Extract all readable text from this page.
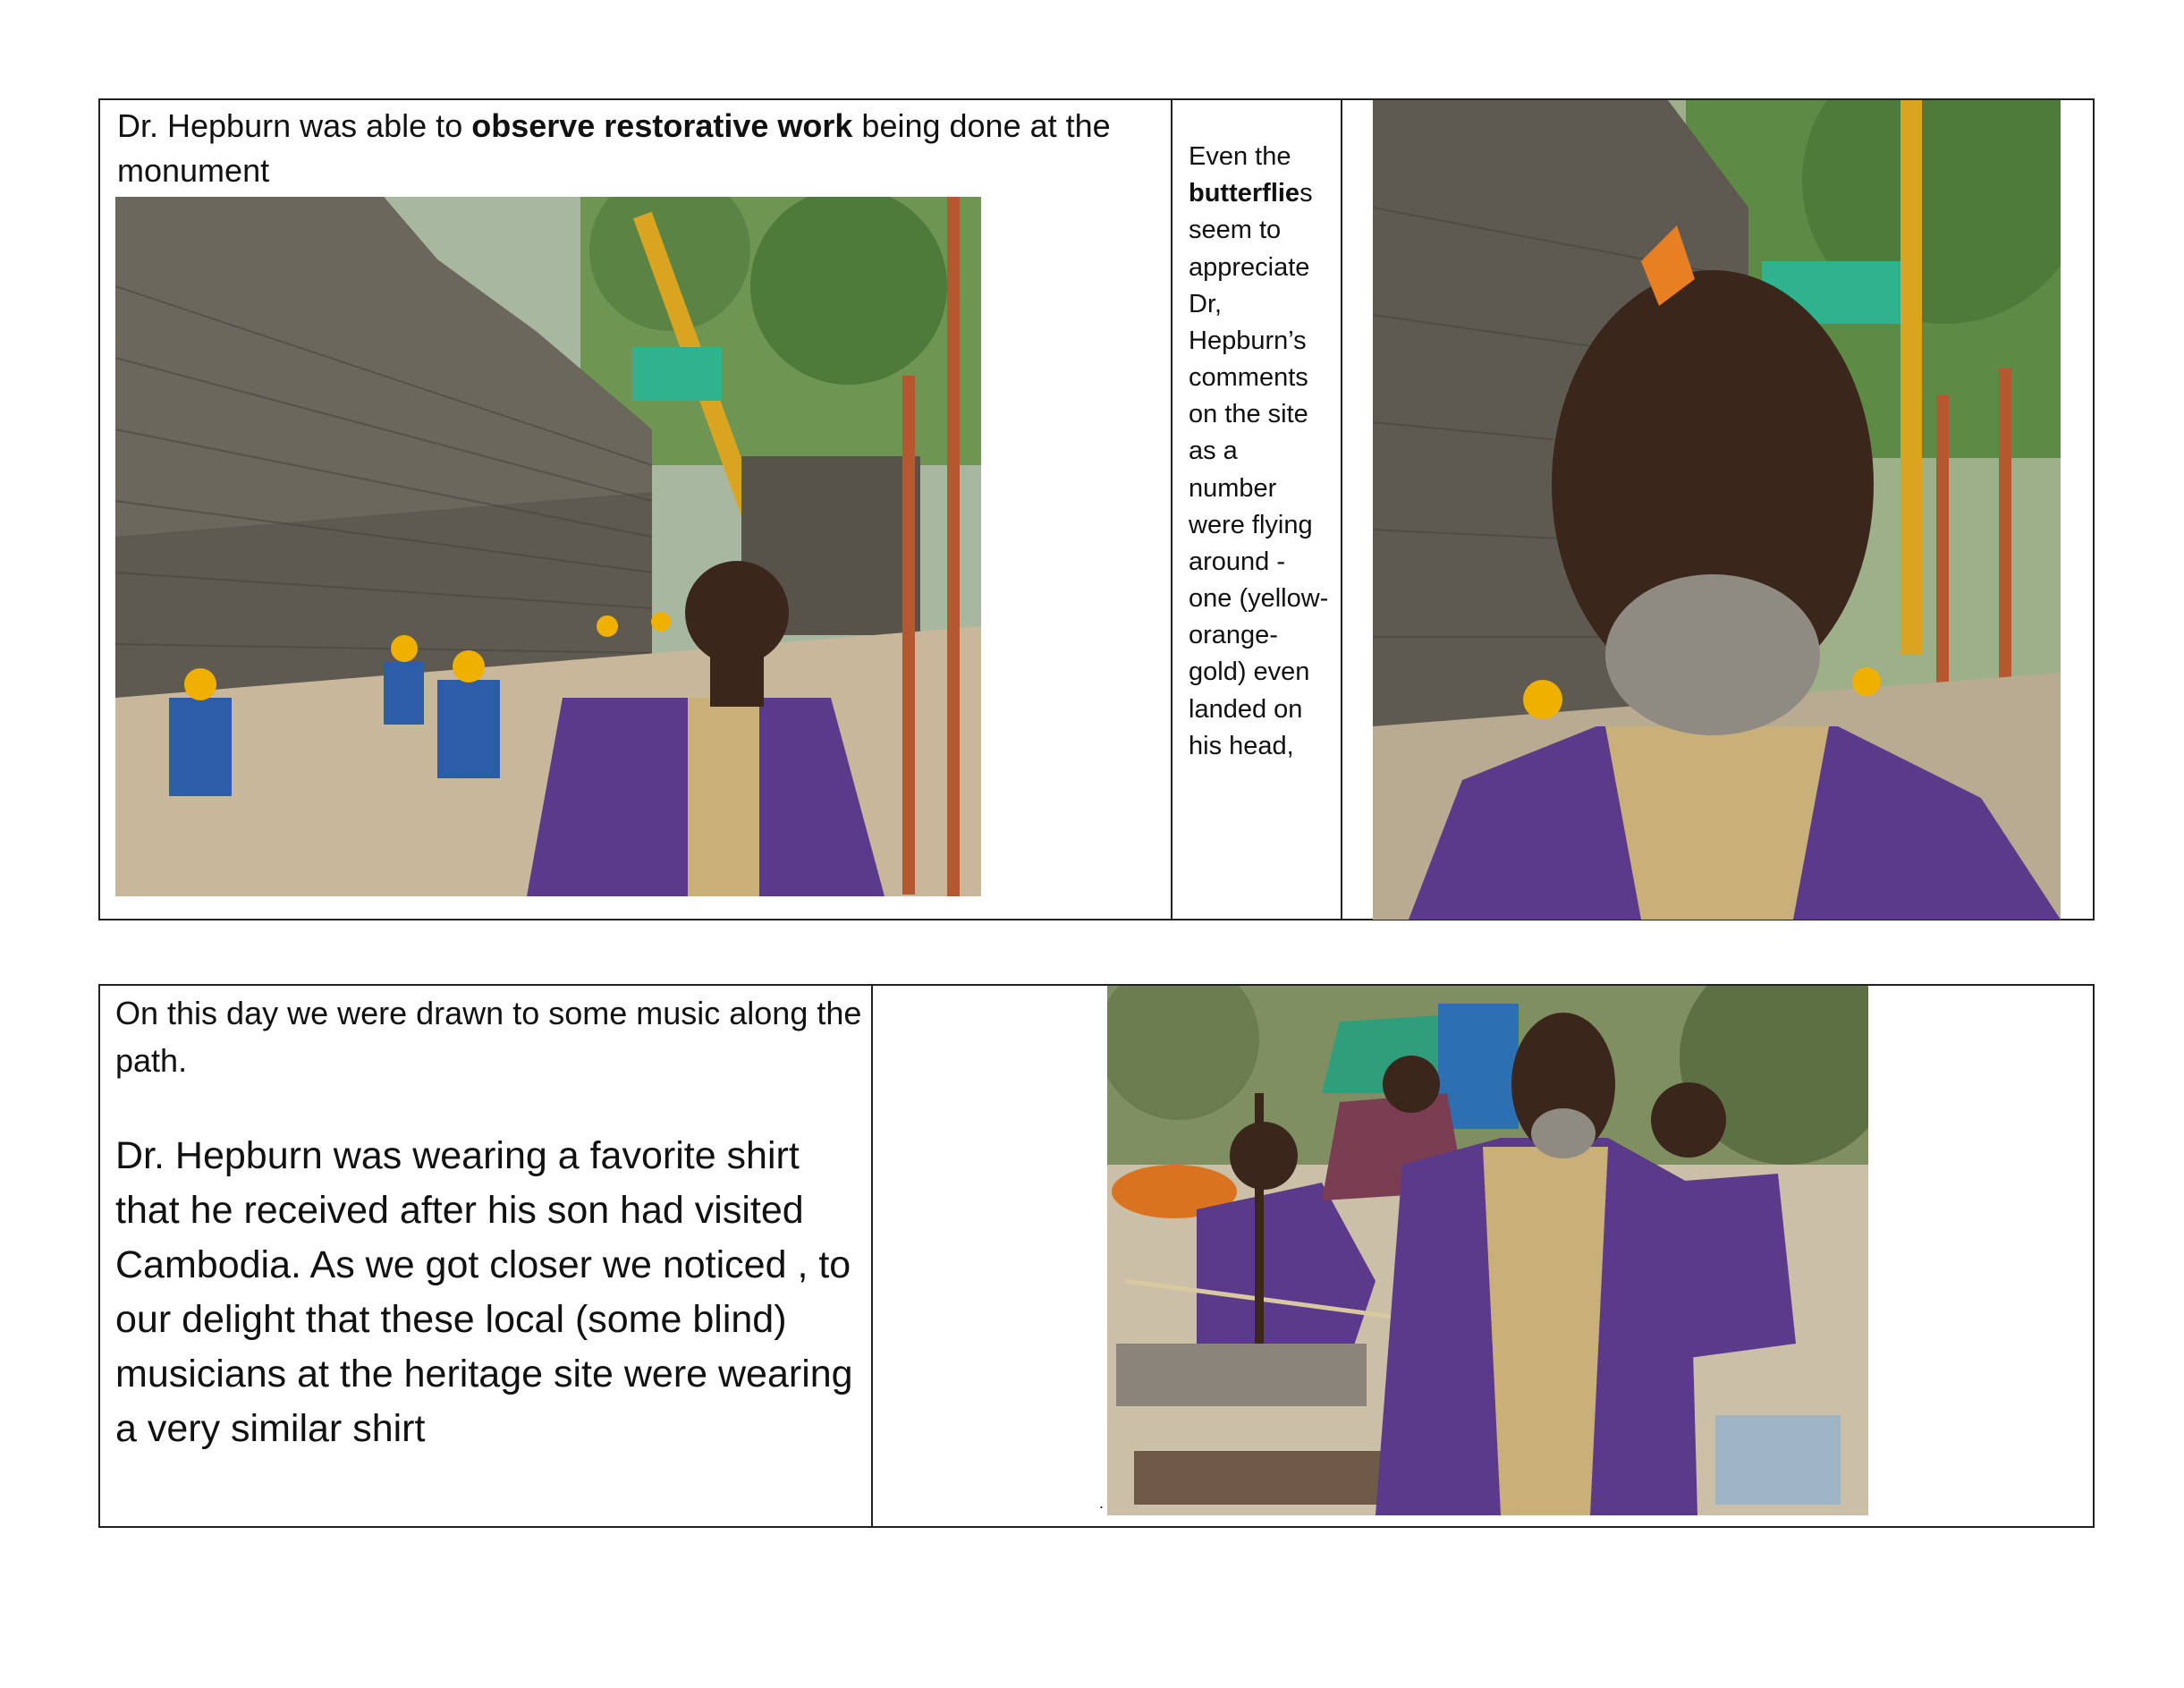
Dr. Hepburn was able to observe restorative work being done at the monument	Even the butterflies seem to appreciate Dr, Hepburn’s comments on the site as a number were flying around - one (yellow-orange-gold) even landed on his head,
On this day we were drawn to some music along the path.
Dr. Hepburn was wearing a favorite shirt that he received after his son had visited Cambodia. As we got closer we noticed , to our delight that these local (some blind) musicians at the heritage site were wearing a very similar shirt
.
